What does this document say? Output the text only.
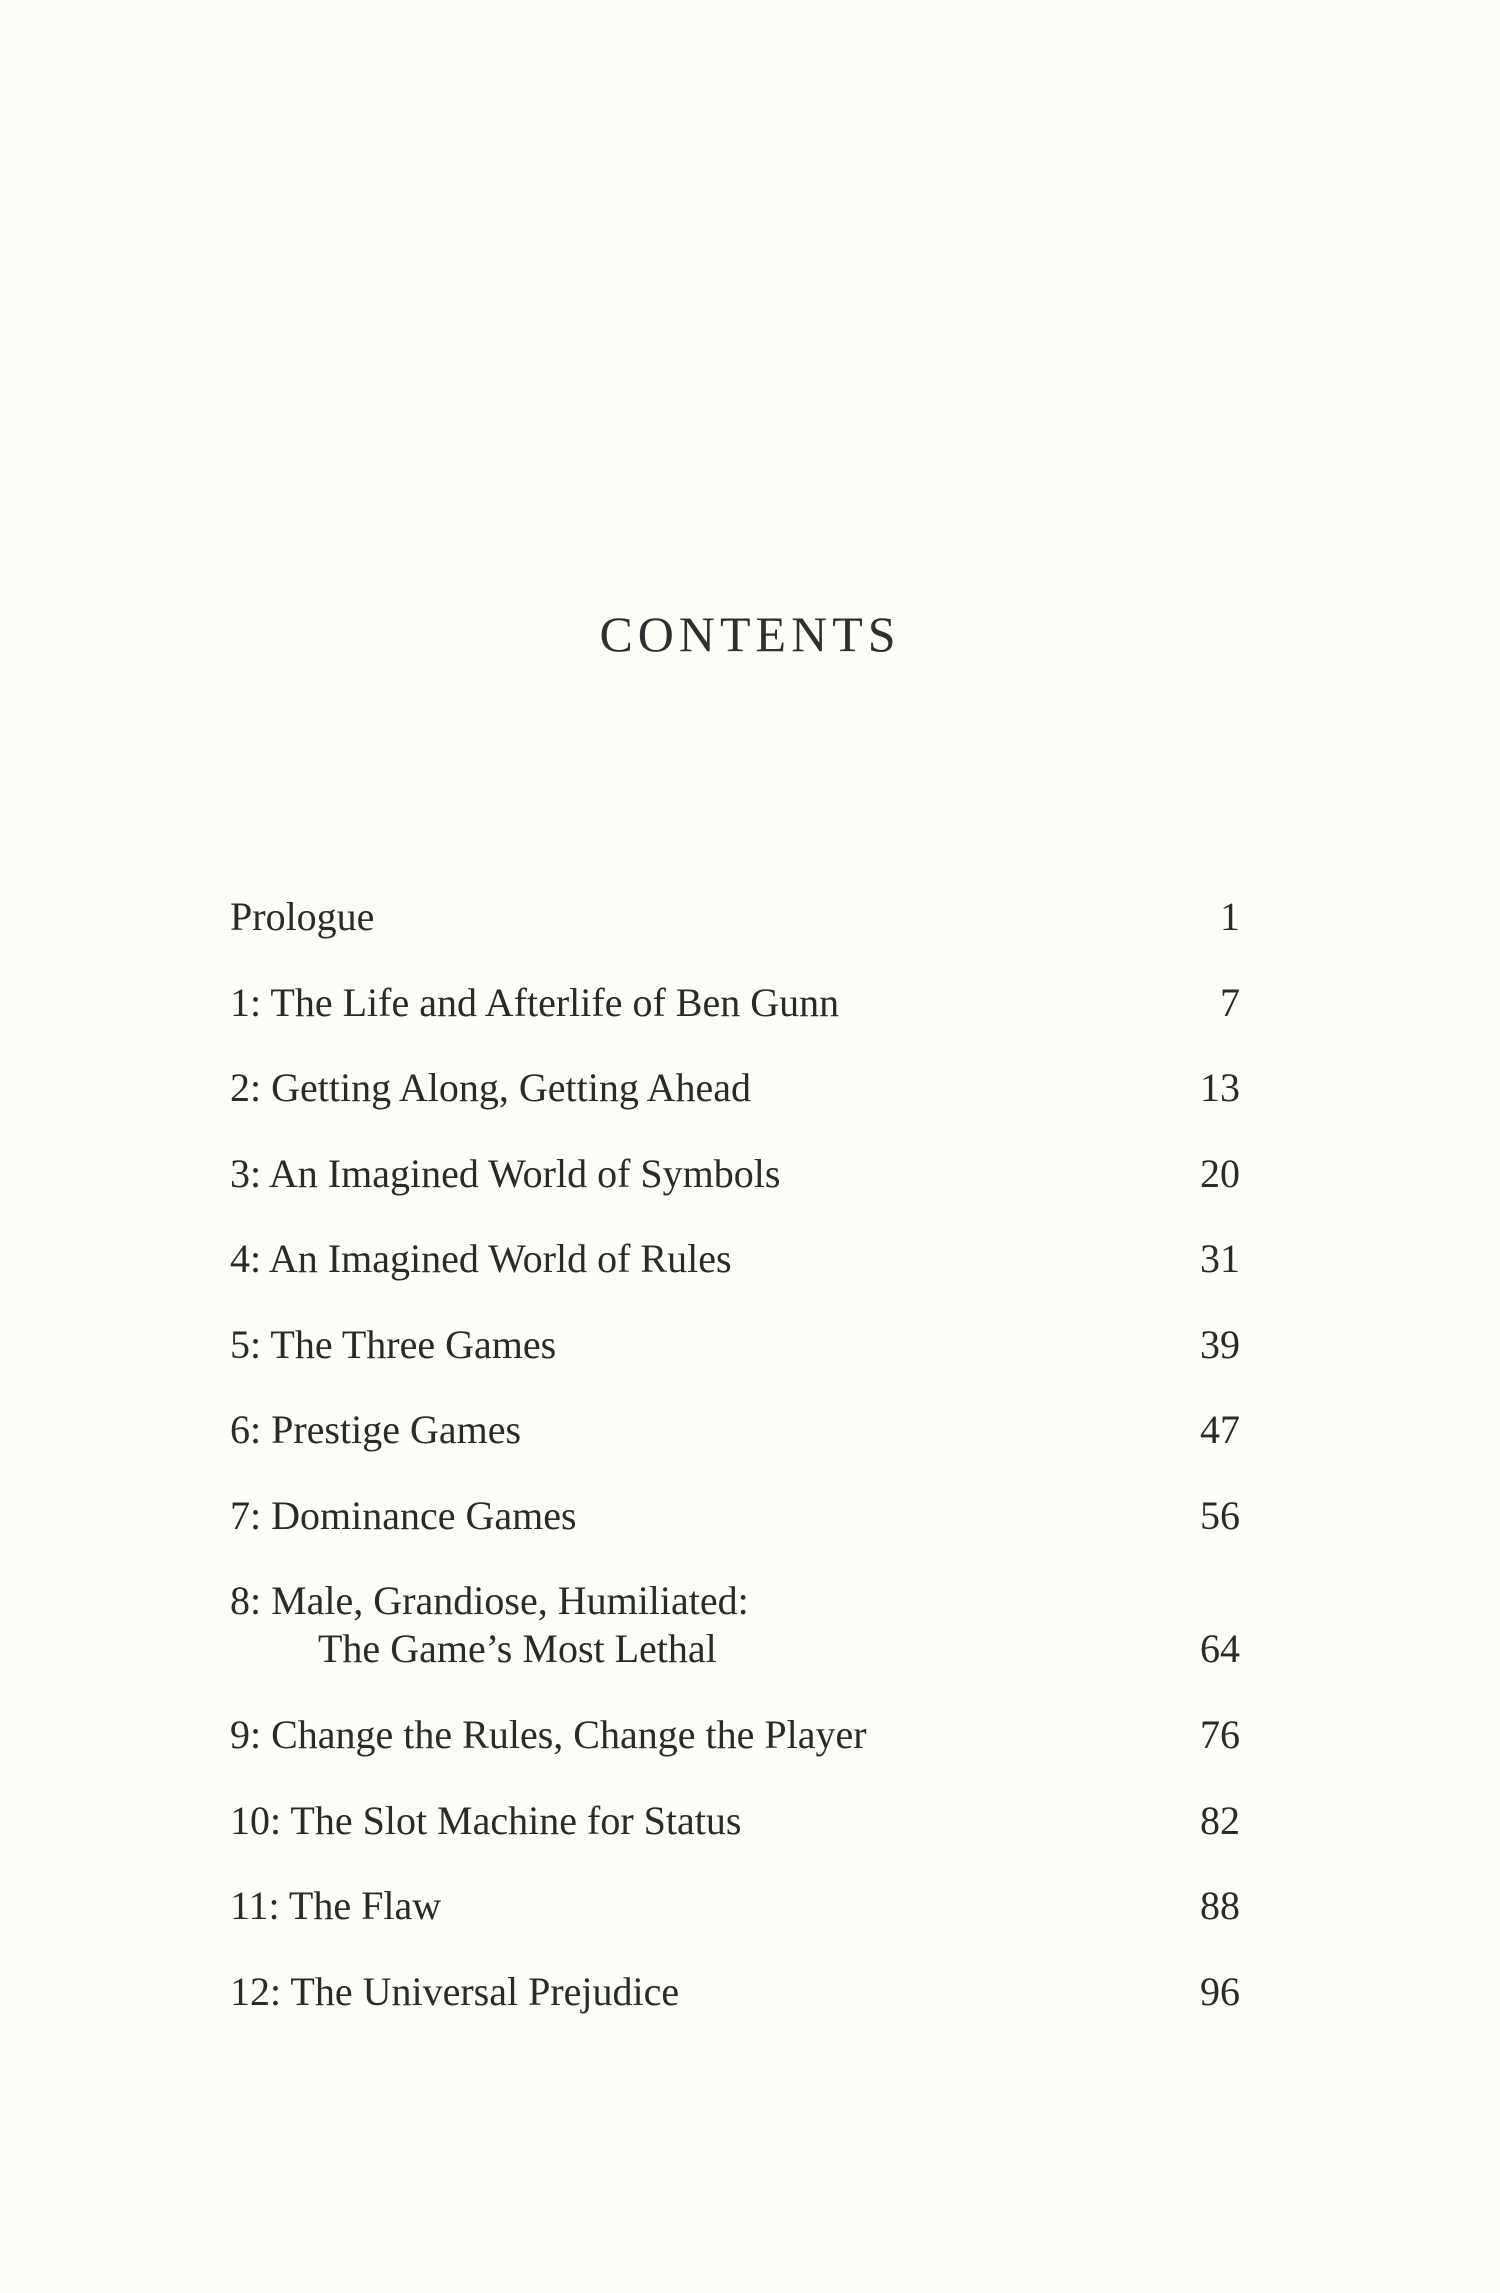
CONTENTS
Prologue	1
1: The Life and Afterlife of Ben Gunn	7
2: Getting Along, Getting Ahead	13
3: An Imagined World of Symbols	20
4: An Imagined World of Rules	31
5: The Three Games	39
6: Prestige Games	47
7: Dominance Games	56
8: Male, Grandiose, Humiliated:
The Game’s Most Lethal	64
9: Change the Rules, Change the Player	76
10: The Slot Machine for Status	82
11: The Flaw	88
12: The Universal Prejudice	96
